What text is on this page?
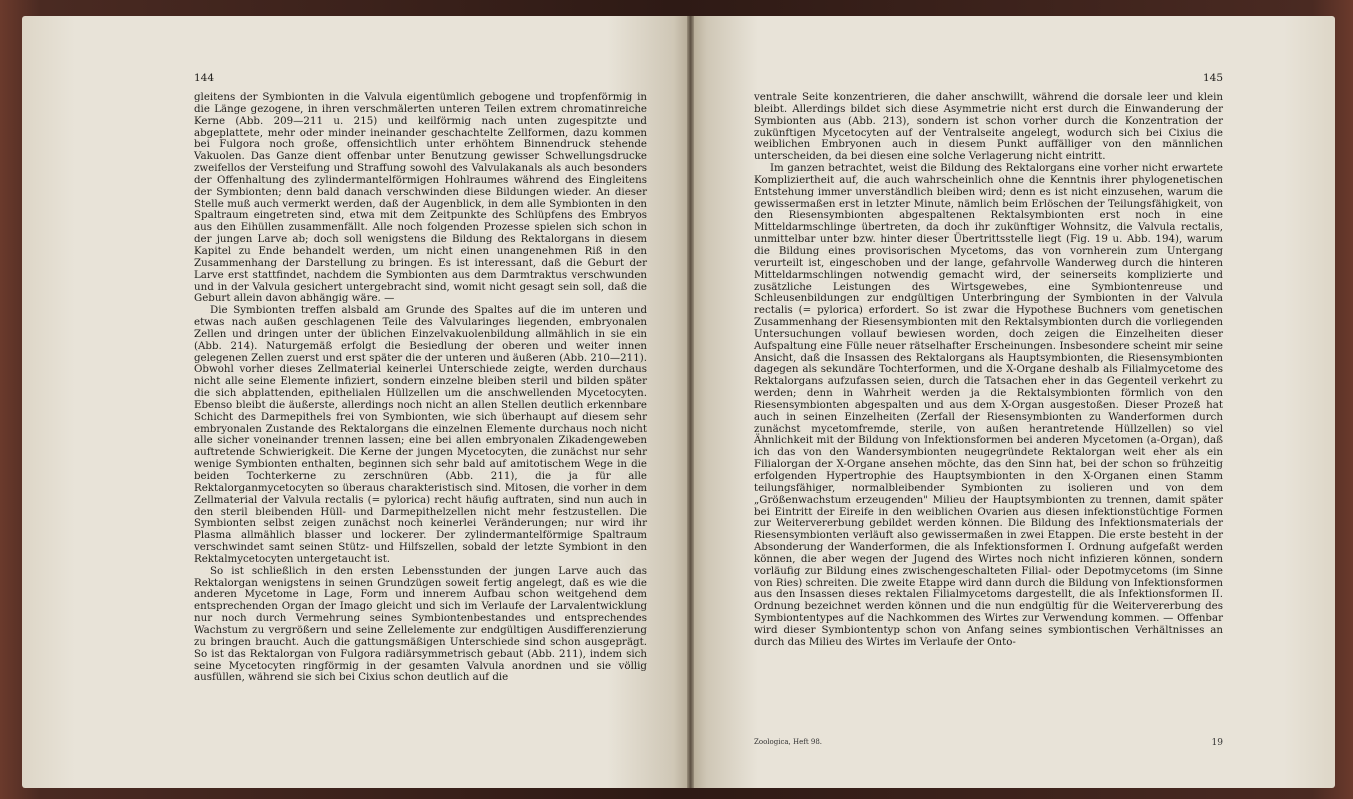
144

gleitens der Symbionten in die Valvula eigentümlich gebogene und tropfenförmig in die Länge gezogene, in ihren verschmälerten unteren Teilen extrem chromatinreiche Kerne (Abb. 209—211 u. 215) und keilförmig nach unten zugespitzte und abgeplattete, mehr oder minder ineinander geschachtelte Zellformen, dazu kommen bei Fulgora noch große, offensichtlich unter erhöhtem Binnendruck stehende Vakuolen. Das Ganze dient offenbar unter Benutzung gewisser Schwellungsdrucke zweifellos der Versteifung und Straffung sowohl des Valvulakanals als auch besonders der Offenhaltung des zylindermantelförmigen Hohlraumes während des Eingleitens der Symbionten; denn bald danach verschwinden diese Bildungen wieder. An dieser Stelle muß auch vermerkt werden, daß der Augenblick, in dem alle Symbionten in den Spaltraum eingetreten sind, etwa mit dem Zeitpunkte des Schlüpfens des Embryos aus den Eihüllen zusammenfällt. Alle noch folgenden Prozesse spielen sich schon in der jungen Larve ab; doch soll wenigstens die Bildung des Rektalorgans in diesem Kapitel zu Ende behandelt werden, um nicht einen unangenehmen Riß in den Zusammenhang der Darstellung zu bringen. Es ist interessant, daß die Geburt der Larve erst stattfindet, nachdem die Symbionten aus dem Darmtraktus verschwunden und in der Valvula gesichert untergebracht sind, womit nicht gesagt sein soll, daß die Geburt allein davon abhängig wäre. —

Die Symbionten treffen alsbald am Grunde des Spaltes auf die im unteren und etwas nach außen geschlagenen Teile des Valvularinges liegenden, embryonalen Zellen und dringen unter der üblichen Einzelvakuolenbildung allmählich in sie ein (Abb. 214). Naturgemäß erfolgt die Besiedlung der oberen und weiter innen gelegenen Zellen zuerst und erst später die der unteren und äußeren (Abb. 210—211). Obwohl vorher dieses Zellmaterial keinerlei Unterschiede zeigte, werden durchaus nicht alle seine Elemente infiziert, sondern einzelne bleiben steril und bilden später die sich abplattenden, epithelialen Hüllzellen um die anschwellenden Mycetocyten. Ebenso bleibt die äußerste, allerdings noch nicht an allen Stellen deutlich erkennbare Schicht des Darmepithels frei von Symbionten, wie sich überhaupt auf diesem sehr embryonalen Zustande des Rektalorgans die einzelnen Elemente durchaus noch nicht alle sicher voneinander trennen lassen; eine bei allen embryonalen Zikadengeweben auftretende Schwierigkeit. Die Kerne der jungen Mycetocyten, die zunächst nur sehr wenige Symbionten enthalten, beginnen sich sehr bald auf amitotischem Wege in die beiden Tochterkerne zu zerschnüren (Abb. 211), die ja für alle Rektalorganmycetocyten so überaus charakteristisch sind. Mitosen, die vorher in dem Zellmaterial der Valvula rectalis (= pylorica) recht häufig auftraten, sind nun auch in den steril bleibenden Hüll- und Darmepithelzellen nicht mehr festzustellen. Die Symbionten selbst zeigen zunächst noch keinerlei Veränderungen; nur wird ihr Plasma allmählich blasser und lockerer. Der zylindermantelförmige Spaltraum verschwindet samt seinen Stütz- und Hilfszellen, sobald der letzte Symbiont in den Rektalmycetocyten untergetaucht ist.

So ist schließlich in den ersten Lebensstunden der jungen Larve auch das Rektalorgan wenigstens in seinen Grundzügen soweit fertig angelegt, daß es wie die anderen Mycetome in Lage, Form und innerem Aufbau schon weitgehend dem entsprechenden Organ der Imago gleicht und sich im Verlaufe der Larvalentwicklung nur noch durch Vermehrung seines Symbiontenbestandes und entsprechendes Wachstum zu vergrößern und seine Zellelemente zur endgültigen Ausdifferenzierung zu bringen braucht. Auch die gattungsmäßigen Unterschiede sind schon ausgeprägt. So ist das Rektalorgan von Fulgora radiärsymmetrisch gebaut (Abb. 211), indem sich seine Mycetocyten ringförmig in der gesamten Valvula anordnen und sie völlig ausfüllen, während sie sich bei Cixius schon deutlich auf die

145

ventrale Seite konzentrieren, die daher anschwillt, während die dorsale leer und klein bleibt. Allerdings bildet sich diese Asymmetrie nicht erst durch die Einwanderung der Symbionten aus (Abb. 213), sondern ist schon vorher durch die Konzentration der zukünftigen Mycetocyten auf der Ventralseite angelegt, wodurch sich bei Cixius die weiblichen Embryonen auch in diesem Punkt auffälliger von den männlichen unterscheiden, da bei diesen eine solche Verlagerung nicht eintritt.

Im ganzen betrachtet, weist die Bildung des Rektalorgans eine vorher nicht erwartete Kompliziertheit auf, die auch wahrscheinlich ohne die Kenntnis ihrer phylogenetischen Entstehung immer unverständlich bleiben wird; denn es ist nicht einzusehen, warum die gewissermaßen erst in letzter Minute, nämlich beim Erlöschen der Teilungsfähigkeit, von den Riesensymbionten abgespaltenen Rektalsymbionten erst noch in eine Mitteldarmschlinge übertreten, da doch ihr zukünftiger Wohnsitz, die Valvula rectalis, unmittelbar unter bzw. hinter dieser Übertrittsstelle liegt (Fig. 19 u. Abb. 194), warum die Bildung eines provisorischen Mycetoms, das von vornherein zum Untergang verurteilt ist, eingeschoben und der lange, gefahrvolle Wanderweg durch die hinteren Mitteldarmschlingen notwendig gemacht wird, der seinerseits komplizierte und zusätzliche Leistungen des Wirtsgewebes, eine Symbiontenreuse und Schleusenbildungen zur endgültigen Unterbringung der Symbionten in der Valvula rectalis (= pylorica) erfordert. So ist zwar die Hypothese Buchners vom genetischen Zusammenhang der Riesensymbionten mit den Rektalsymbionten durch die vorliegenden Untersuchungen vollauf bewiesen worden, doch zeigen die Einzelheiten dieser Aufspaltung eine Fülle neuer rätselhafter Erscheinungen. Insbesondere scheint mir seine Ansicht, daß die Insassen des Rektalorgans als Hauptsymbionten, die Riesensymbionten dagegen als sekundäre Tochterformen, und die X-Organe deshalb als Filialmycetome des Rektalorgans aufzufassen seien, durch die Tatsachen eher in das Gegenteil verkehrt zu werden; denn in Wahrheit werden ja die Rektalsymbionten förmlich von den Riesensymbionten abgespalten und aus dem X-Organ ausgestoßen. Dieser Prozeß hat auch in seinen Einzelheiten (Zerfall der Riesensymbionten zu Wanderformen durch zunächst mycetomfremde, sterile, von außen herantretende Hüllzellen) so viel Ähnlichkeit mit der Bildung von Infektionsformen bei anderen Mycetomen (a-Organ), daß ich das von den Wandersymbionten neugegründete Rektalorgan weit eher als ein Filialorgan der X-Organe ansehen möchte, das den Sinn hat, bei der schon so frühzeitig erfolgenden Hypertrophie des Hauptsymbionten in den X-Organen einen Stamm teilungsfähiger, normalbleibender Symbionten zu isolieren und von dem „Größenwachstum erzeugenden" Milieu der Hauptsymbionten zu trennen, damit später bei Eintritt der Eireife in den weiblichen Ovarien aus diesen infektionstüchtige Formen zur Weitervererbung gebildet werden können. Die Bildung des Infektionsmaterials der Riesensymbionten verläuft also gewissermaßen in zwei Etappen. Die erste besteht in der Absonderung der Wanderformen, die als Infektionsformen I. Ordnung aufgefaßt werden können, die aber wegen der Jugend des Wirtes noch nicht infizieren können, sondern vorläufig zur Bildung eines zwischengeschalteten Filial- oder Depotmycetoms (im Sinne von Ries) schreiten. Die zweite Etappe wird dann durch die Bildung von Infektionsformen aus den Insassen dieses rektalen Filialmycetoms dargestellt, die als Infektionsformen II. Ordnung bezeichnet werden können und die nun endgültig für die Weitervererbung des Symbiontentypes auf die Nachkommen des Wirtes zur Verwendung kommen. — Offenbar wird dieser Symbiontentyp schon von Anfang seines symbiontischen Verhältnisses an durch das Milieu des Wirtes im Verlaufe der Onto-

Zoologica, Heft 98.	19
